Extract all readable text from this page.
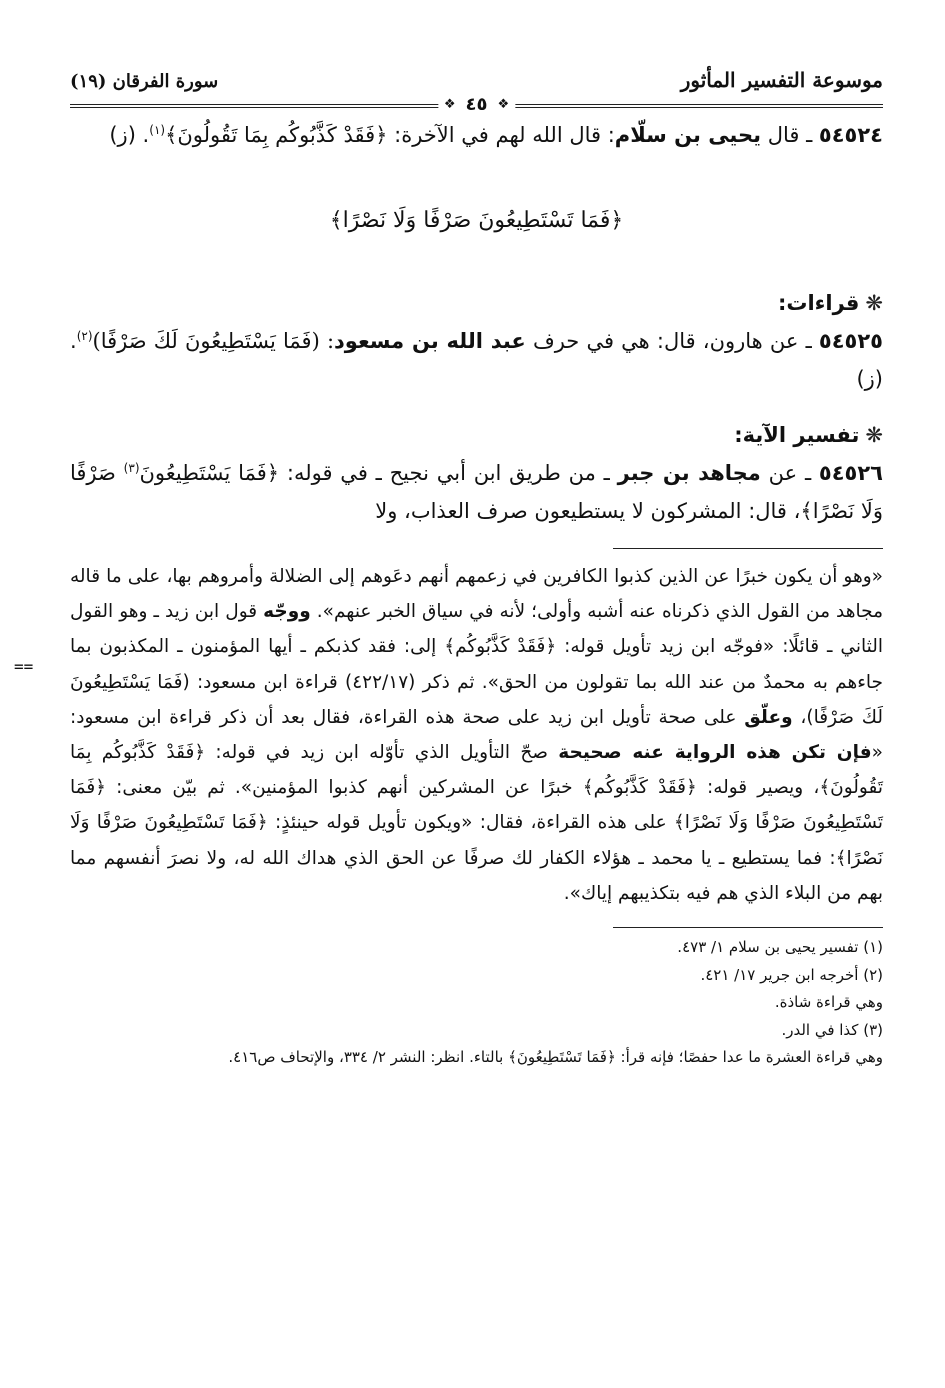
موسوعة التفسير المأثور
سورة الفرقان (١٩)
❖
٤٥
❖

٥٤٥٢٤ ـ قال يحيى بن سلّام: قال الله لهم في الآخرة: ﴿فَقَدْ كَذَّبُوكُم بِمَا تَقُولُونَ﴾$^{(١)}$. (ز)

﴿فَمَا تَسْتَطِيعُونَ صَرْفًا وَلَا نَصْرًا﴾

❋قراءات:

٥٤٥٢٥ ـ عن هارون، قال: هي في حرف عبد الله بن مسعود: (فَمَا يَسْتَطِيعُونَ لَكَ صَرْفًا)$^{(٢)}$. (ز)

❋تفسير الآية:

٥٤٥٢٦ ـ عن مجاهد بن جبر ـ من طريق ابن أبي نجيح ـ في قوله: ﴿فَمَا يَسْتَطِيعُونَ$^{(٣)}$ صَرْفًا وَلَا نَصْرًا﴾، قال: المشركون لا يستطيعون صرف العذاب، ولا

==
«وهو أن يكون خبرًا عن الذين كذبوا الكافرين في زعمهم أنهم دعَوهم إلى الضلالة وأمروهم بها، على ما قاله مجاهد من القول الذي ذكرناه عنه أشبه وأولى؛ لأنه في سياق الخبر عنهم». ووجّه قول ابن زيد ـ وهو القول الثاني ـ قائلًا: «فوجّه ابن زيد تأويل قوله: ﴿فَقَدْ كَذَّبُوكُم﴾ إلى: فقد كذبكم ـ أيها المؤمنون ـ المكذبون بما جاءهم به محمدٌ من عند الله بما تقولون من الحق». ثم ذكر (٤٢٢/١٧) قراءة ابن مسعود: (فَمَا يَسْتَطِيعُونَ لَكَ صَرْفًا)، وعلّق على صحة تأويل ابن زيد على صحة هذه القراءة، فقال بعد أن ذكر قراءة ابن مسعود: «فإن تكن هذه الرواية عنه صحيحة صحّ التأويل الذي تأوّله ابن زيد في قوله: ﴿فَقَدْ كَذَّبُوكُم بِمَا تَقُولُونَ﴾، ويصير قوله: ﴿فَقَدْ كَذَّبُوكُم﴾ خبرًا عن المشركين أنهم كذبوا المؤمنين». ثم بيّن معنى: ﴿فَمَا تَسْتَطِيعُونَ صَرْفًا وَلَا نَصْرًا﴾ على هذه القراءة، فقال: «ويكون تأويل قوله حينئذٍ: ﴿فَمَا تَسْتَطِيعُونَ صَرْفًا وَلَا نَصْرًا﴾: فما يستطيع ـ يا محمد ـ هؤلاء الكفار لك صرفًا عن الحق الذي هداك الله له، ولا نصرَ أنفسهم مما بهم من البلاء الذي هم فيه بتكذيبهم إياك».
(١) تفسير يحيى بن سلام ١/ ٤٧٣.
(٢) أخرجه ابن جرير ١٧/ ٤٢١.
وهي قراءة شاذة.
(٣) كذا في الدر.
وهي قراءة العشرة ما عدا حفصًا؛ فإنه قرأ: ﴿فَمَا تَسْتَطِيعُونَ﴾ بالتاء. انظر: النشر ٢/ ٣٣٤، والإتحاف ص٤١٦.
